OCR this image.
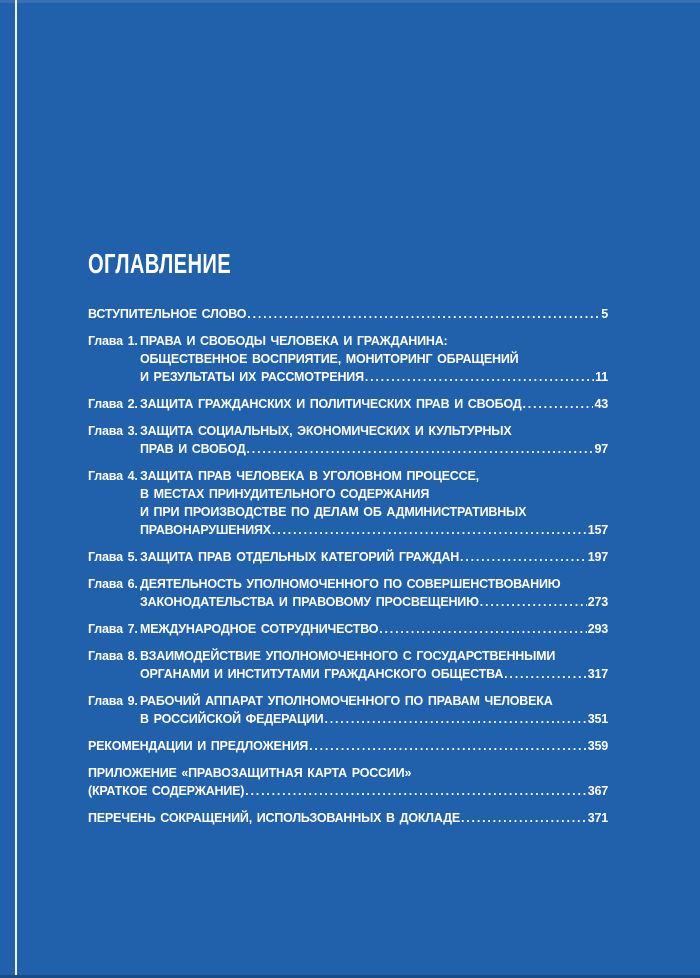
ОГЛАВЛЕНИЕ
ВСТУПИТЕЛЬНОЕ СЛОВО .....	5
Глава 1. ПРАВА И СВОБОДЫ ЧЕЛОВЕКА И ГРАЖДАНИНА:
ОБЩЕСТВЕННОЕ ВОСПРИЯТИЕ, МОНИТОРИНГ ОБРАЩЕНИЙ
И РЕЗУЛЬТАТЫ ИХ РАССМОТРЕНИЯ .....	11
Глава 2. ЗАЩИТА ГРАЖДАНСКИХ И ПОЛИТИЧЕСКИХ ПРАВ И СВОБОД .....	43
Глава 3. ЗАЩИТА СОЦИАЛЬНЫХ, ЭКОНОМИЧЕСКИХ И КУЛЬТУРНЫХ
ПРАВ И СВОБОД .....	97
Глава 4. ЗАЩИТА ПРАВ ЧЕЛОВЕКА В УГОЛОВНОМ ПРОЦЕССЕ,
В МЕСТАХ ПРИНУДИТЕЛЬНОГО СОДЕРЖАНИЯ
И ПРИ ПРОИЗВОДСТВЕ ПО ДЕЛАМ ОБ АДМИНИСТРАТИВНЫХ
ПРАВОНАРУШЕНИЯХ .....	157
Глава 5. ЗАЩИТА ПРАВ ОТДЕЛЬНЫХ КАТЕГОРИЙ ГРАЖДАН .....	197
Глава 6. ДЕЯТЕЛЬНОСТЬ УПОЛНОМОЧЕННОГО ПО СОВЕРШЕНСТВОВАНИЮ
ЗАКОНОДАТЕЛЬСТВА И ПРАВОВОМУ ПРОСВЕЩЕНИЮ .....	273
Глава 7. МЕЖДУНАРОДНОЕ СОТРУДНИЧЕСТВО .....	293
Глава 8. ВЗАИМОДЕЙСТВИЕ УПОЛНОМОЧЕННОГО С ГОСУДАРСТВЕННЫМИ
ОРГАНАМИ И ИНСТИТУТАМИ ГРАЖДАНСКОГО ОБЩЕСТВА .....	317
Глава 9. РАБОЧИЙ АППАРАТ УПОЛНОМОЧЕННОГО ПО ПРАВАМ ЧЕЛОВЕКА
В РОССИЙСКОЙ ФЕДЕРАЦИИ .....	351
РЕКОМЕНДАЦИИ И ПРЕДЛОЖЕНИЯ .....	359
ПРИЛОЖЕНИЕ «ПРАВОЗАЩИТНАЯ КАРТА РОССИИ»
(КРАТКОЕ СОДЕРЖАНИЕ) .....	367
ПЕРЕЧЕНЬ СОКРАЩЕНИЙ, ИСПОЛЬЗОВАННЫХ В ДОКЛАДЕ .....	371
